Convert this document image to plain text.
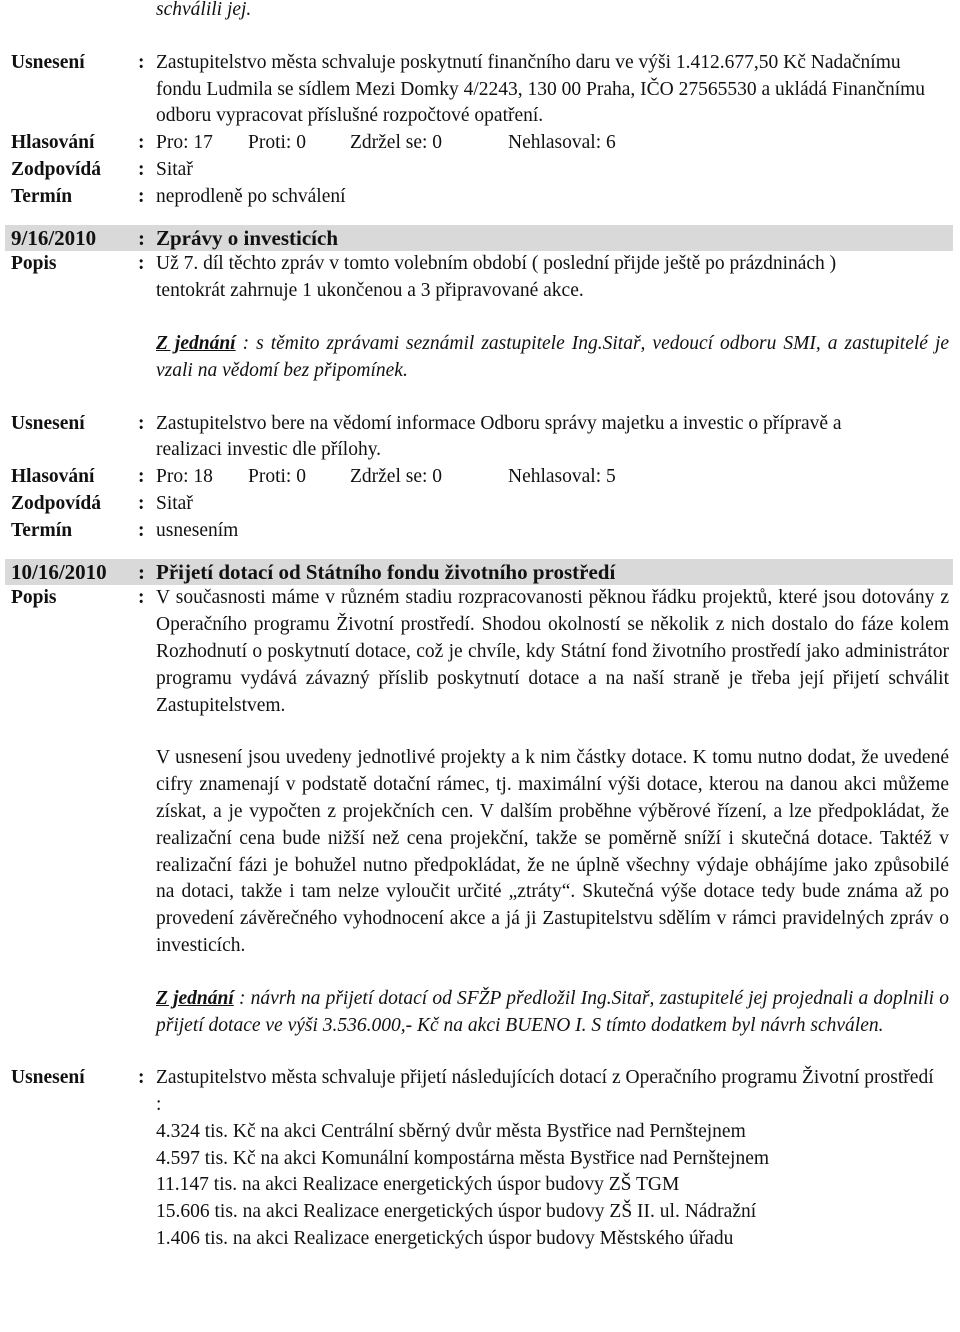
schválili jej.
Usnesení	: Zastupitelstvo města schvaluje poskytnutí finančního daru ve výši 1.412.677,50 Kč Nadačnímu fondu Ludmila se sídlem Mezi Domky 4/2243, 130 00 Praha, IČO 27565530 a ukládá Finančnímu odboru vypracovat příslušné rozpočtové opatření.
Hlasování	: Pro: 17 Proti: 0 Zdržel se: 0	Nehlasoval: 6
Zodpovídá	: Sitař
Termín	: neprodleně po schválení
9/16/2010	: Zprávy o investicích
Popis	: Už 7. díl těchto zpráv v tomto volebním období ( poslední přijde ještě po prázdninách ) tentokrát zahrnuje 1 ukončenou a 3 připravované akce.
Z jednání : s těmito zprávami seznámil zastupitele Ing.Sitař, vedoucí odboru SMI, a zastupitelé je vzali na vědomí bez připomínek.
Usnesení	: Zastupitelstvo bere na vědomí informace Odboru správy majetku a investic o přípravě a realizaci investic dle přílohy.
Hlasování	: Pro: 18 Proti: 0 Zdržel se: 0	Nehlasoval: 5
Zodpovídá	: Sitař
Termín	: usnesením
10/16/2010	: Přijetí dotací od Státního fondu životního prostředí
Popis	: V současnosti máme v různém stadiu rozpracovanosti pěknou řádku projektů, které jsou dotovány z Operačního programu Životní prostředí. Shodou okolností se několik z nich dostalo do fáze kolem Rozhodnutí o poskytnutí dotace, což je chvíle, kdy Státní fond životního prostředí jako administrátor programu vydává závazný příslib poskytnutí dotace a na naší straně je třeba její přijetí schválit Zastupitelstvem.
V usnesení jsou uvedeny jednotlivé projekty a k nim částky dotace. K tomu nutno dodat, že uvedené cifry znamenají v podstatě dotační rámec, tj. maximální výši dotace, kterou na danou akci můžeme získat, a je vypočten z projekčních cen. V dalším proběhne výběrové řízení, a lze předpokládat, že realizační cena bude nižší než cena projekční, takže se poměrně sníží i skutečná dotace. Taktéž v realizační fázi je bohužel nutno předpokládat, že ne úplně všechny výdaje obhájíme jako způsobilé na dotaci, takže i tam nelze vyloučit určité „ztráty“. Skutečná výše dotace tedy bude známa až po provedení závěrečného vyhodnocení akce a já ji Zastupitelstvu sdělím v rámci pravidelných zpráv o investicích.
Z jednání : návrh na přijetí dotací od SFŽP předložil Ing.Sitař, zastupitelé jej projednali a doplnili o přijetí dotace ve výši 3.536.000,- Kč na akci BUENO I. S tímto dodatkem byl návrh schválen.
Usnesení	: Zastupitelstvo města schvaluje přijetí následujících dotací z Operačního programu Životní prostředí :
4.324 tis. Kč na akci Centrální sběrný dvůr města Bystřice nad Pernštejnem
4.597 tis. Kč na akci Komunální kompostárna města Bystřice nad Pernštejnem
11.147 tis. na akci Realizace energetických úspor budovy ZŠ TGM
15.606 tis. na akci Realizace energetických úspor budovy ZŠ II. ul. Nádražní
1.406 tis. na akci Realizace energetických úspor budovy Městského úřadu
